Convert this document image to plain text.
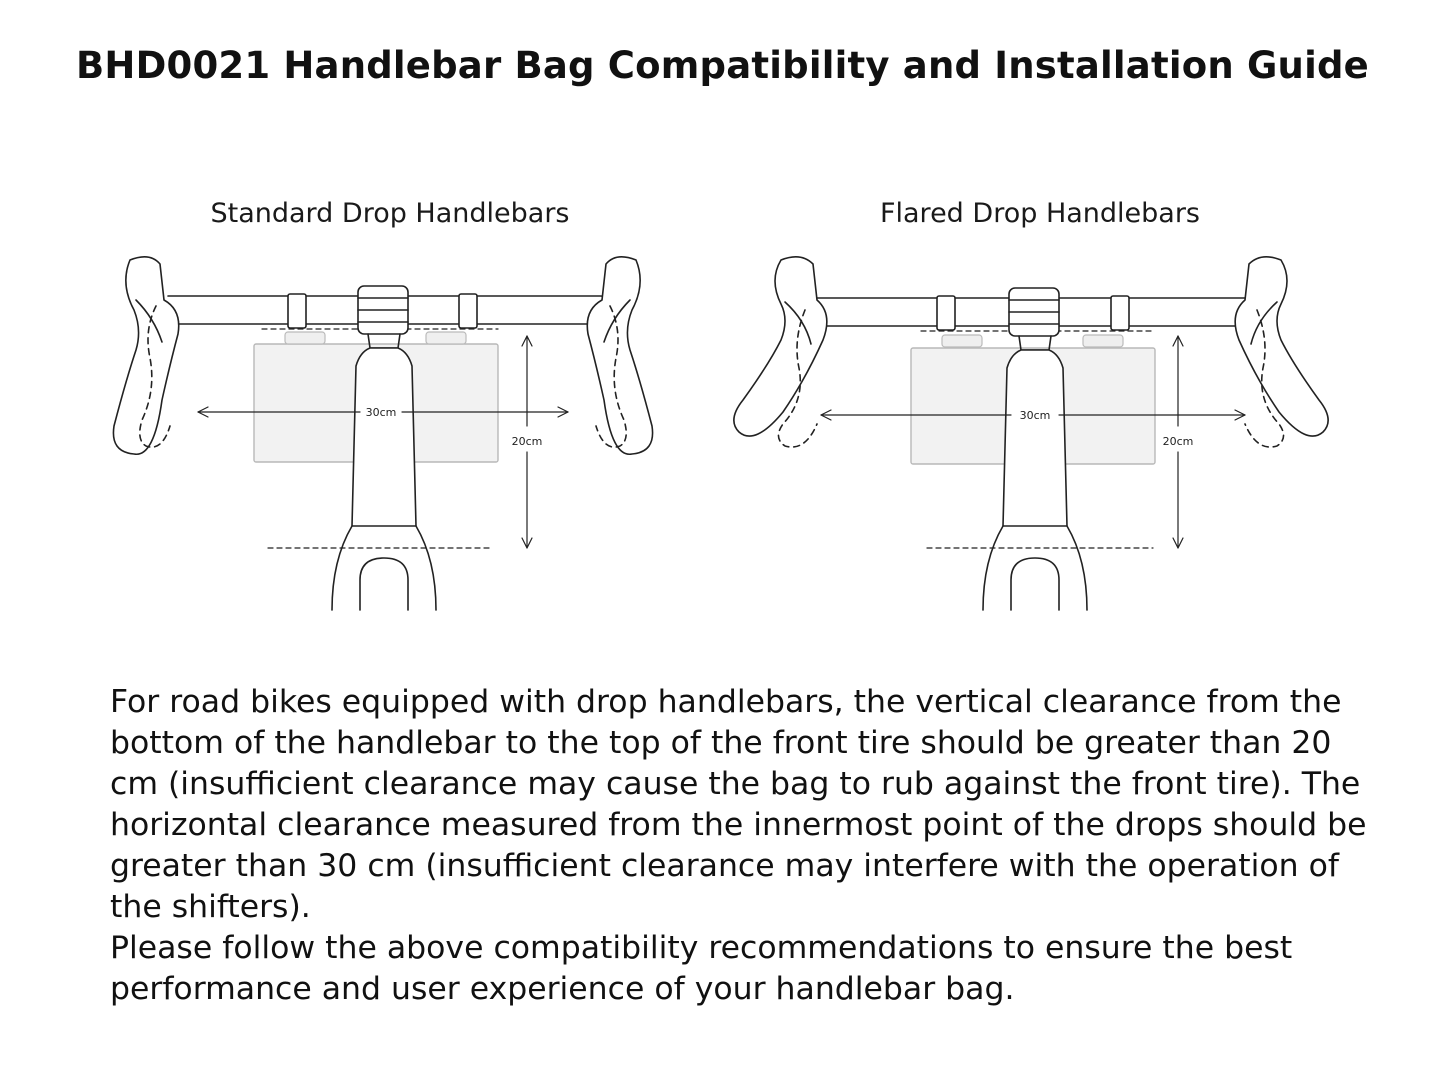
BHD0021 Handlebar Bag Compatibility and Installation Guide
Standard Drop Handlebars	Flared Drop Handlebars
30cm
20cm
30cm
20cm

For road bikes equipped with drop handlebars, the vertical clearance from the bottom of the handlebar to the top of the front tire should be greater than 20 cm (insufficient clearance may cause the bag to rub against the front tire). The horizontal clearance measured from the innermost point of the drops should be greater than 30 cm (insufficient clearance may interfere with the operation of the shifters).

Please follow the above compatibility recommendations to ensure the best performance and user experience of your handlebar bag.
